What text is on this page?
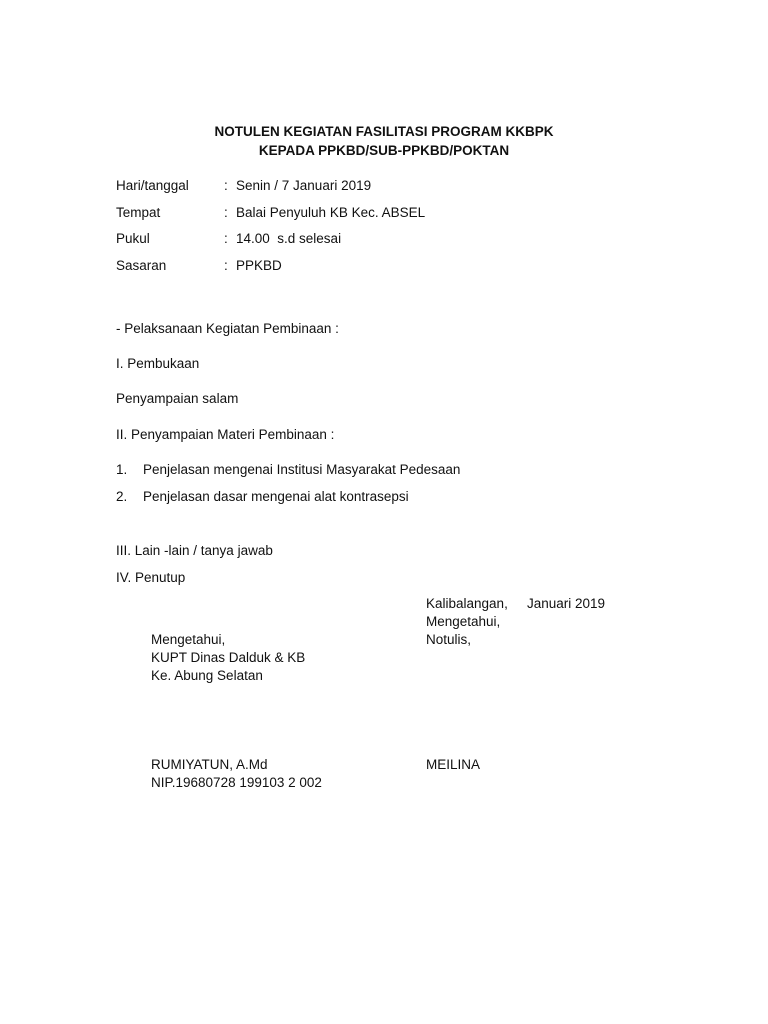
NOTULEN KEGIATAN FASILITASI PROGRAM KKBPK
KEPADA PPKBD/SUB-PPKBD/POKTAN
Hari/tanggal	: Senin / 7 Januari 2019
Tempat	: Balai Penyuluh KB Kec. ABSEL
Pukul	: 14.00  s.d selesai
Sasaran	: PPKBD
- Pelaksanaan Kegiatan Pembinaan :
I. Pembukaan
Penyampaian salam
II. Penyampaian Materi Pembinaan :
1. Penjelasan mengenai Institusi Masyarakat Pedesaan
2. Penjelasan dasar mengenai alat kontrasepsi
III. Lain -lain / tanya jawab
IV. Penutup
Kalibalangan, Januari 2019
Mengetahui,
Notulis,
MEILINA
Mengetahui,
KUPT Dinas Dalduk & KB
Ke. Abung Selatan
RUMIYATUN, A.Md
NIP.19680728 199103 2 002
